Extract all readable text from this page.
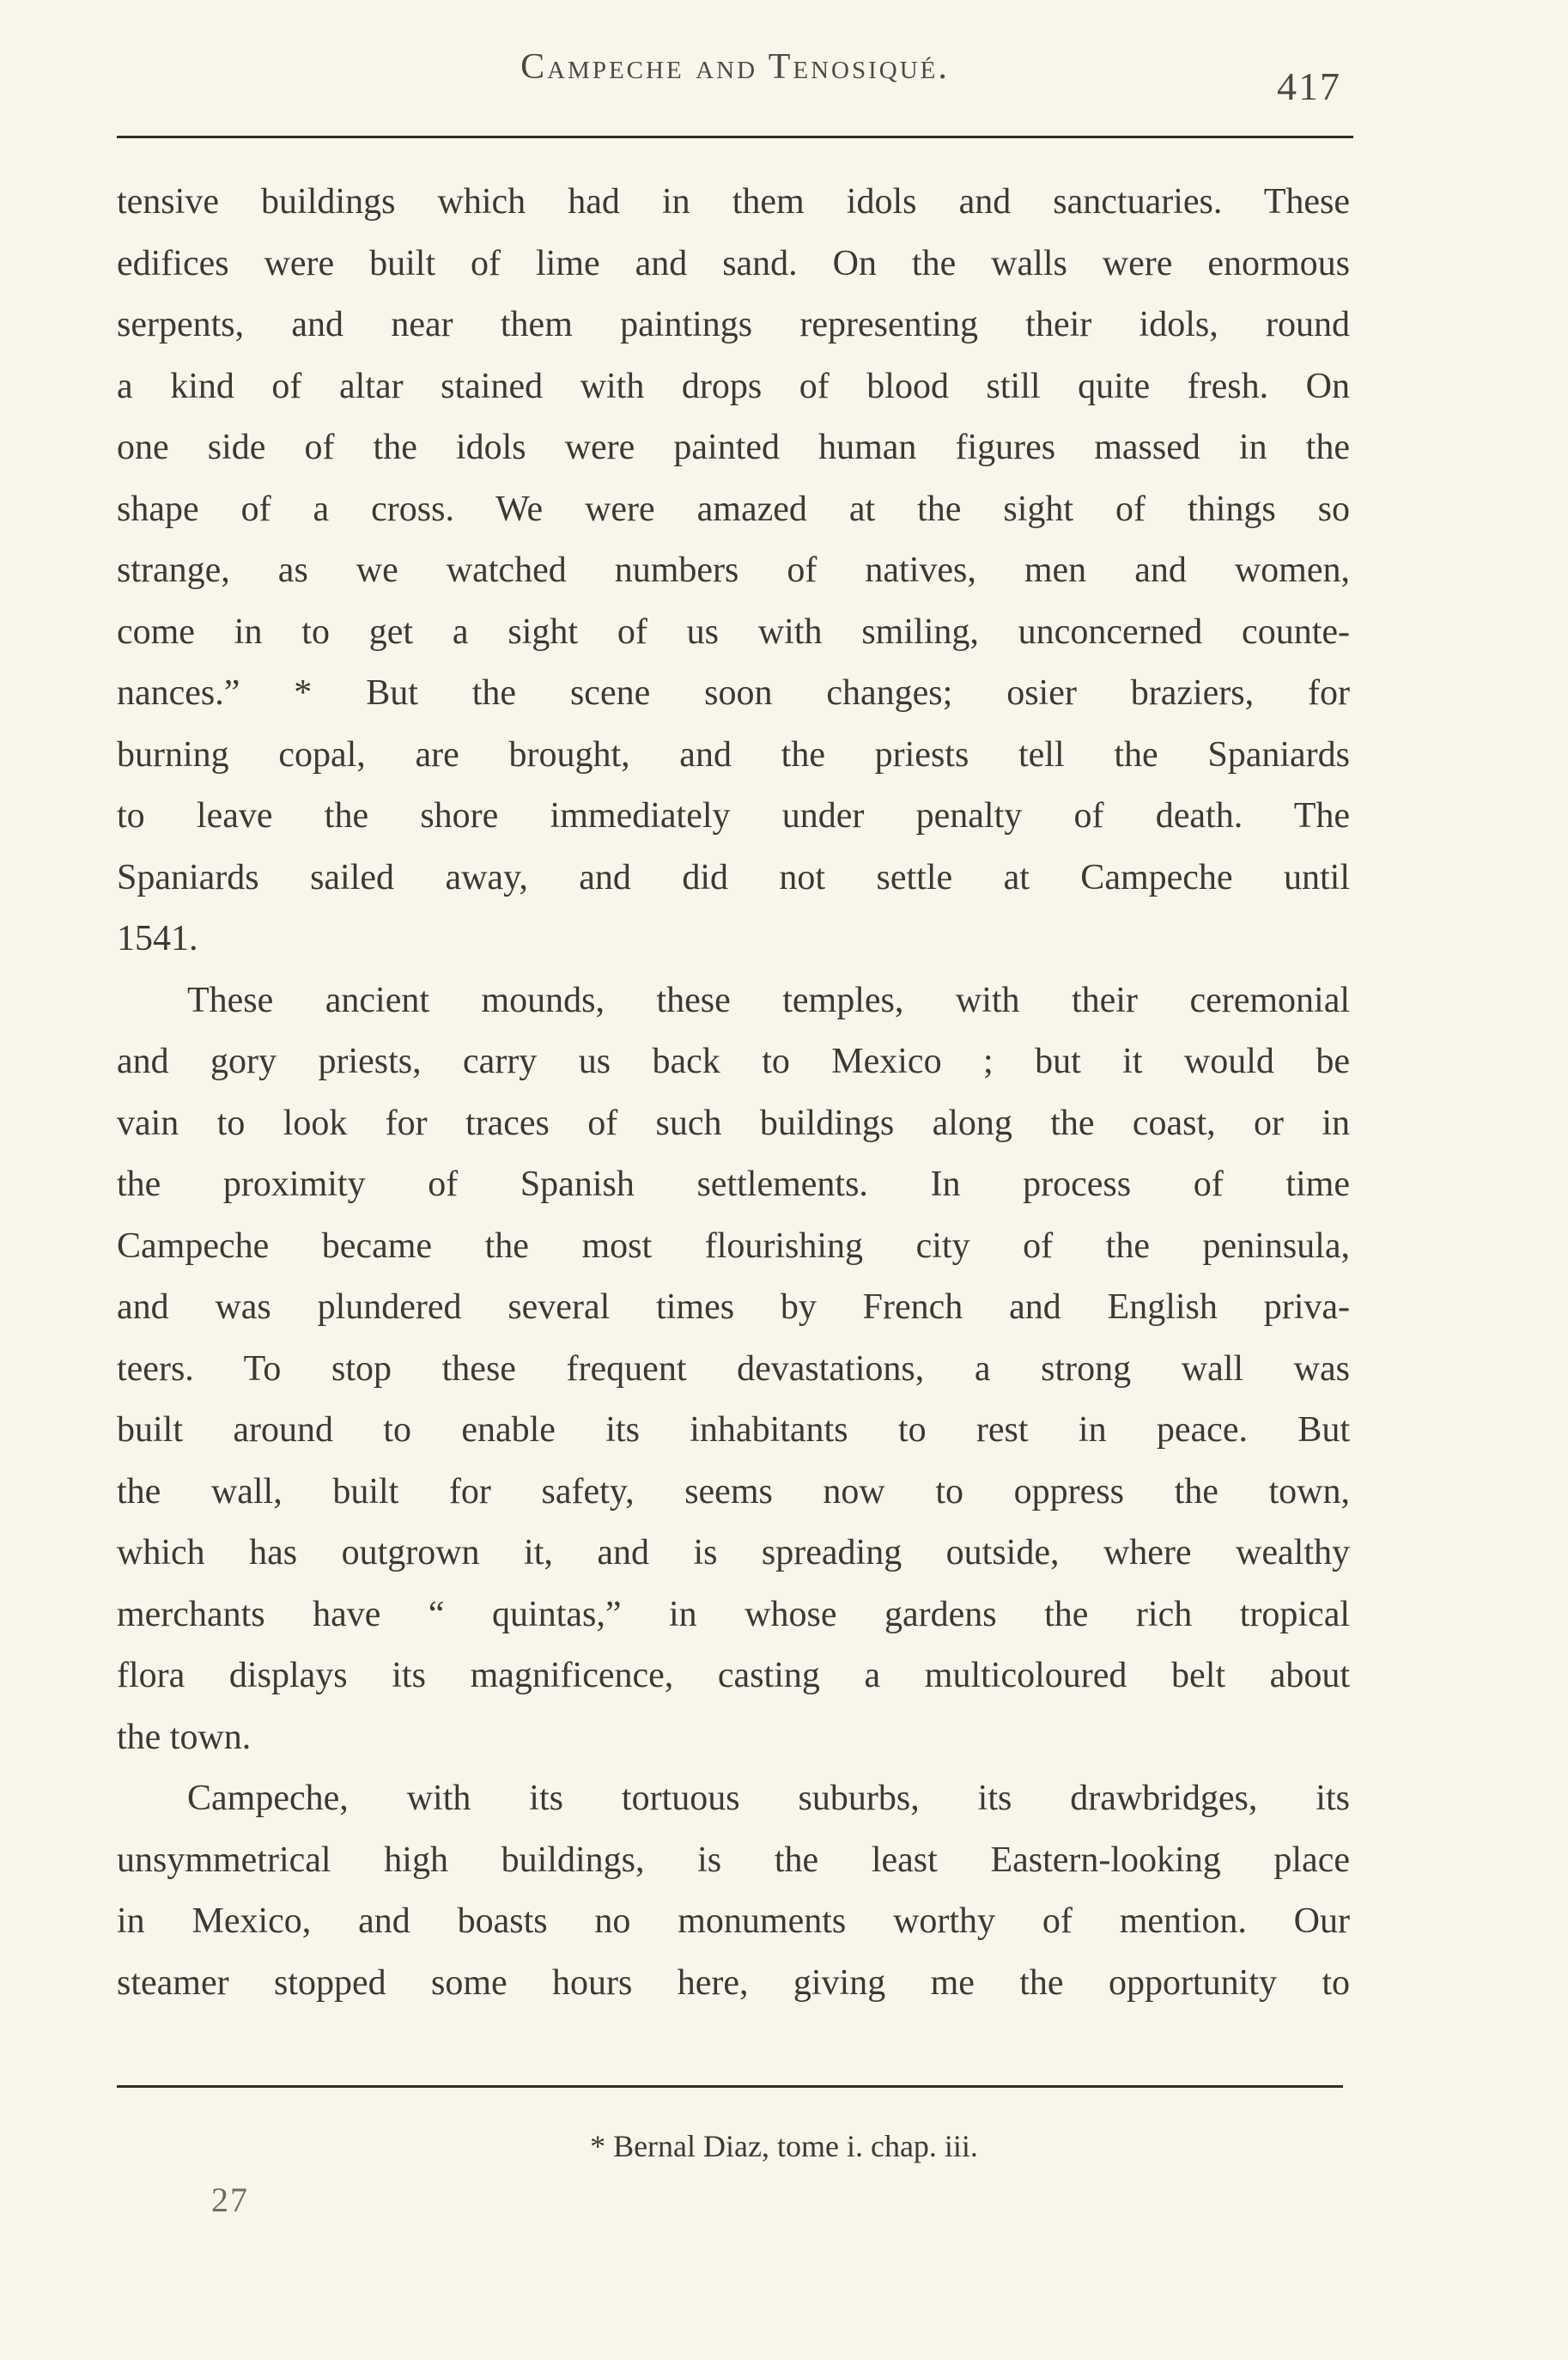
Campeche and Tenosiqué.	417
tensive buildings which had in them idols and sanctuaries. These
edifices were built of lime and sand. On the walls were enormous
serpents, and near them paintings representing their idols, round
a kind of altar stained with drops of blood still quite fresh. On
one side of the idols were painted human figures massed in the
shape of a cross. We were amazed at the sight of things so
strange, as we watched numbers of natives, men and women,
come in to get a sight of us with smiling, unconcerned counte-
nances.” * But the scene soon changes; osier braziers, for
burning copal, are brought, and the priests tell the Spaniards
to leave the shore immediately under penalty of death. The
Spaniards sailed away, and did not settle at Campeche until
1541.
These ancient mounds, these temples, with their ceremonial
and gory priests, carry us back to Mexico ; but it would be
vain to look for traces of such buildings along the coast, or in
the proximity of Spanish settlements. In process of time
Campeche became the most flourishing city of the peninsula,
and was plundered several times by French and English priva-
teers. To stop these frequent devastations, a strong wall was
built around to enable its inhabitants to rest in peace. But
the wall, built for safety, seems now to oppress the town,
which has outgrown it, and is spreading outside, where wealthy
merchants have “ quintas,” in whose gardens the rich tropical
flora displays its magnificence, casting a multicoloured belt about
the town.
Campeche, with its tortuous suburbs, its drawbridges, its
unsymmetrical high buildings, is the least Eastern-looking place
in Mexico, and boasts no monuments worthy of mention. Our
steamer stopped some hours here, giving me the opportunity to
* Bernal Diaz, tome i. chap. iii.
27
